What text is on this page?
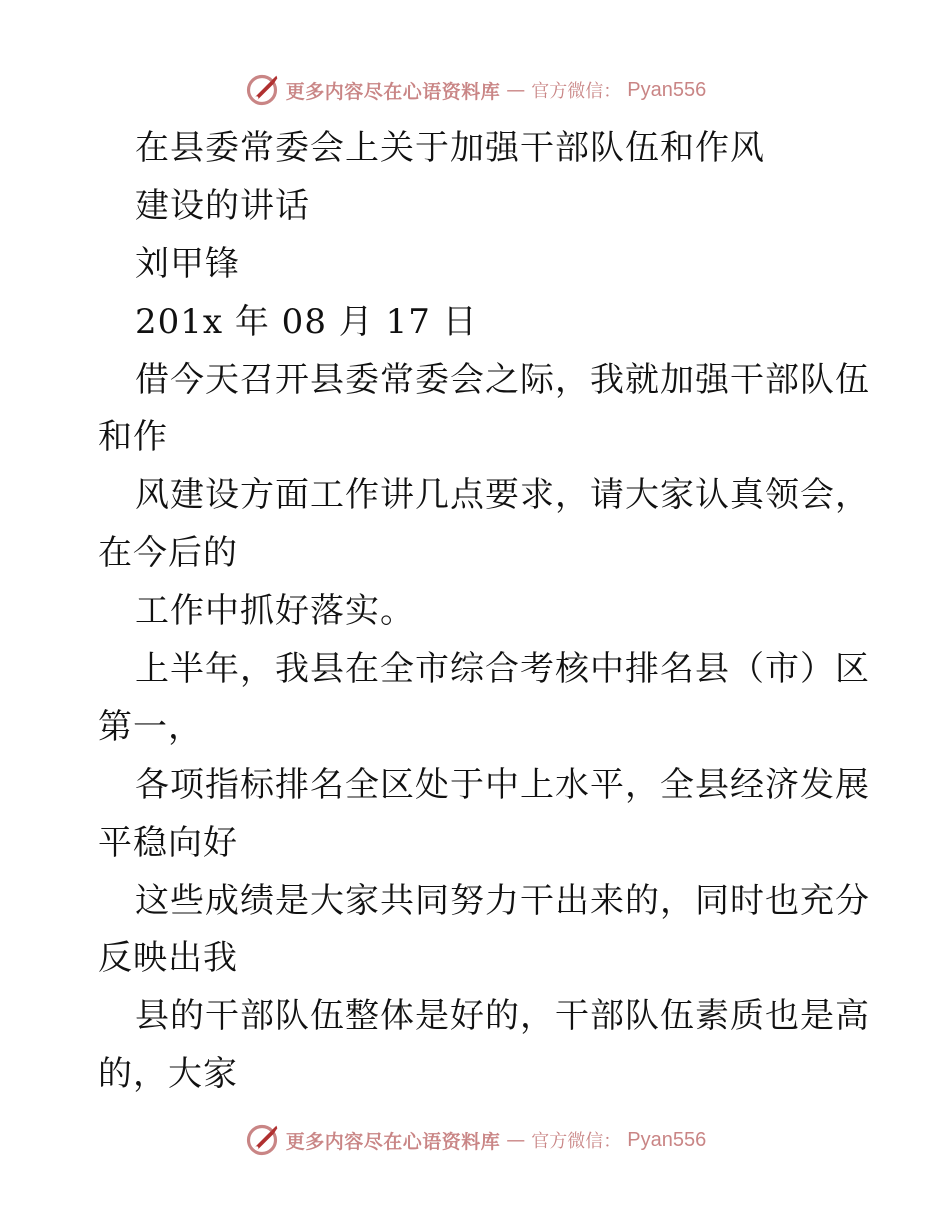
更多内容尽在心语资料库 — 官方微信： Pyan556
在县委常委会上关于加强干部队伍和作风
建设的讲话
刘甲锋
201x 年 08 月 17 日
借今天召开县委常委会之际，我就加强干部队伍
和作
风建设方面工作讲几点要求，请大家认真领会，
在今后的
工作中抓好落实。
上半年，我县在全市综合考核中排名县（市）区
第一，
各项指标排名全区处于中上水平，全县经济发展
平稳向好
这些成绩是大家共同努力干出来的，同时也充分
反映出我
县的干部队伍整体是好的，干部队伍素质也是高
的，大家
更多内容尽在心语资料库 — 官方微信： Pyan556
